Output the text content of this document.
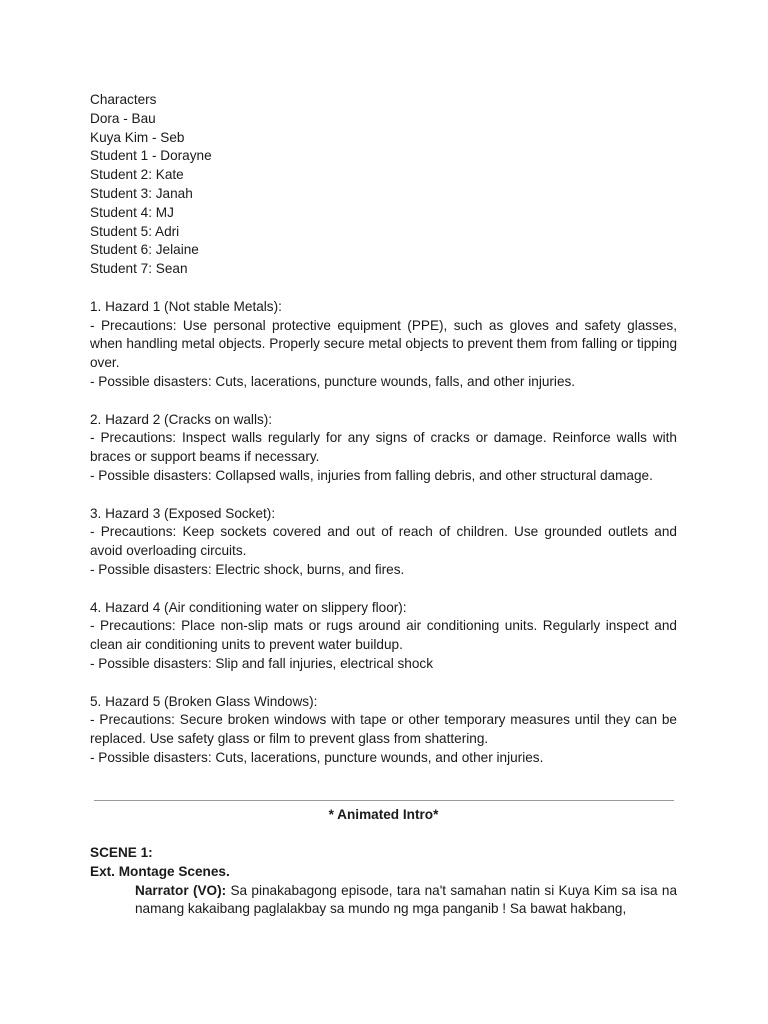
Characters
Dora - Bau
Kuya Kim - Seb
Student 1 - Dorayne
Student 2: Kate
Student 3: Janah
Student 4: MJ
Student 5: Adri
Student 6: Jelaine
Student 7: Sean
1. Hazard 1 (Not stable Metals):

- Precautions: Use personal protective equipment (PPE), such as gloves and safety glasses, when handling metal objects. Properly secure metal objects to prevent them from falling or tipping over.

- Possible disasters: Cuts, lacerations, puncture wounds, falls, and other injuries.
2. Hazard 2 (Cracks on walls):

- Precautions: Inspect walls regularly for any signs of cracks or damage. Reinforce walls with braces or support beams if necessary.

- Possible disasters: Collapsed walls, injuries from falling debris, and other structural damage.
3. Hazard 3 (Exposed Socket):

- Precautions: Keep sockets covered and out of reach of children. Use grounded outlets and avoid overloading circuits.

- Possible disasters: Electric shock, burns, and fires.
4. Hazard 4 (Air conditioning water on slippery floor):

- Precautions: Place non-slip mats or rugs around air conditioning units. Regularly inspect and clean air conditioning units to prevent water buildup.

- Possible disasters: Slip and fall injuries, electrical shock
5. Hazard 5 (Broken Glass Windows):

- Precautions: Secure broken windows with tape or other temporary measures until they can be replaced. Use safety glass or film to prevent glass from shattering.

- Possible disasters: Cuts, lacerations, puncture wounds, and other injuries.
* Animated Intro*
SCENE 1:
Ext. Montage Scenes.

Narrator (VO): Sa pinakabagong episode, tara na't samahan natin si Kuya Kim sa isa na namang kakaibang paglalakbay sa mundo ng mga panganib ! Sa bawat hakbang,
